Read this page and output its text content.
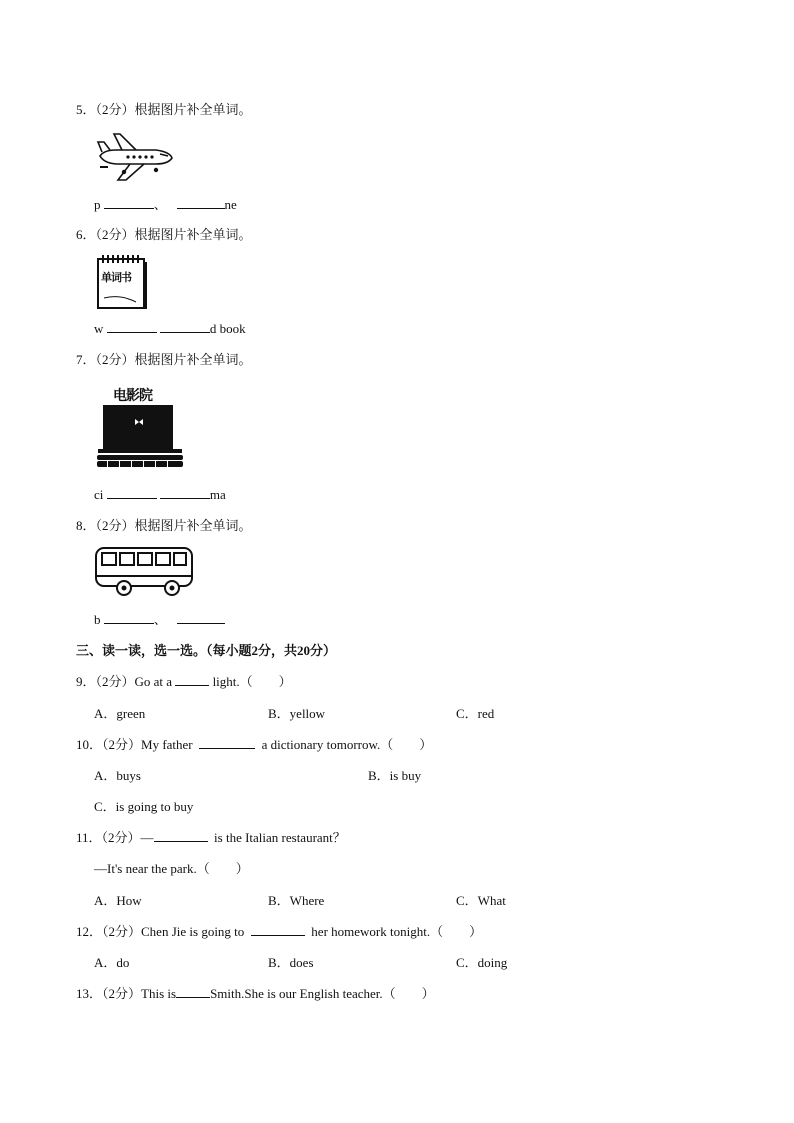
5．（2分）根据图片补全单词。
p	、	ne
6．（2分）根据图片补全单词。
单词书
w	d book
7．（2分）根据图片补全单词。
电影院
ci	ma
8．（2分）根据图片补全单词。
b	、
三、读一读，选一选。（每小题2分，共20分）
9．（2分）Go at a	light.（　　）
A．green	B．yellow	C．red
10．（2分）My father	a dictionary tomorrow.（　　）
A．buys	B．is buy
C．is going to buy
11．（2分）—	is the Italian restaurant？
—It's near the park.（　　）
A．How	B．Where	C．What
12．（2分）Chen Jie is going to	her homework tonight.（　　）
A．do	B．does	C．doing
13．（2分）This is	Smith.She is our English teacher.（　　）
